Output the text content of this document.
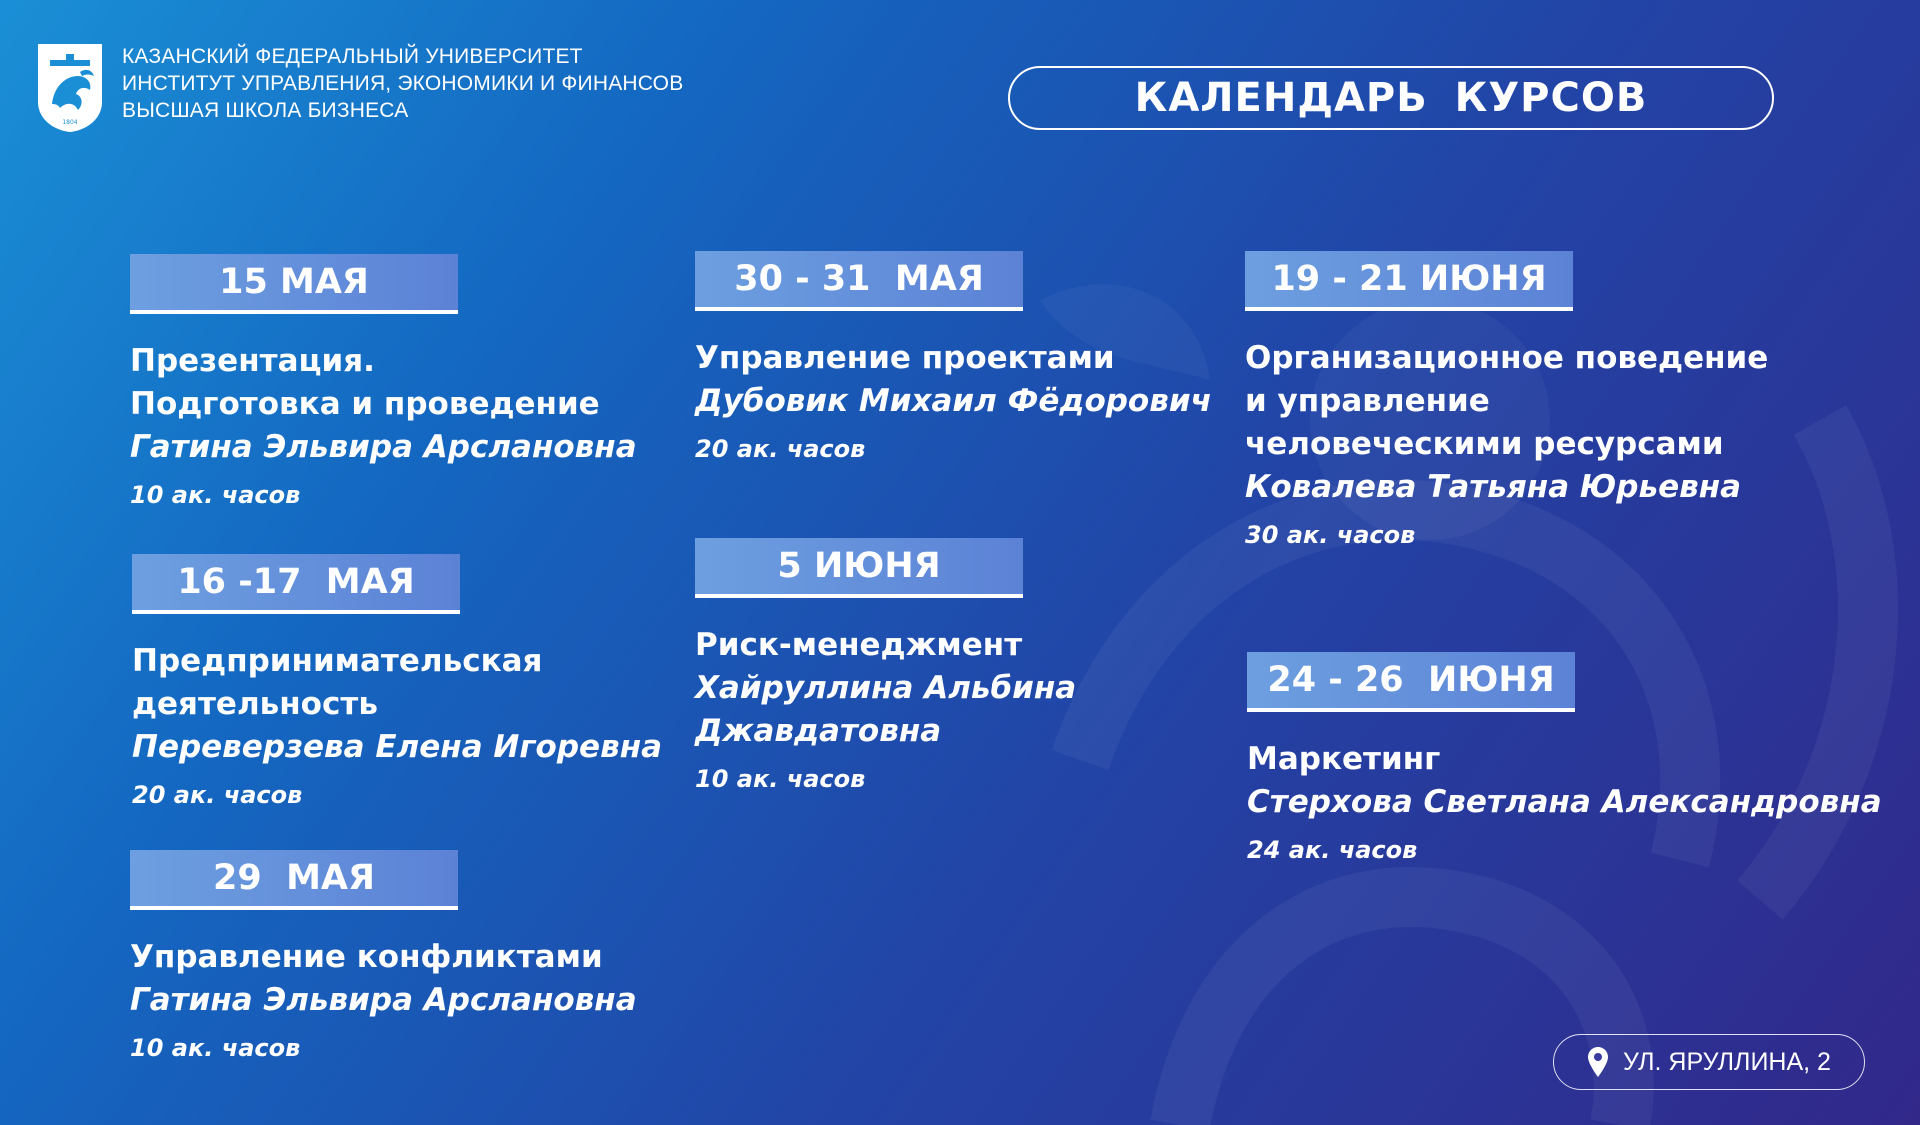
1804
КАЗАНСКИЙ ФЕДЕРАЛЬНЫЙ УНИВЕРСИТЕТ
ИНСТИТУТ УПРАВЛЕНИЯ, ЭКОНОМИКИ И ФИНАНСОВ
ВЫСШАЯ ШКОЛА БИЗНЕСА	КАЛЕНДАРЬ КУРСОВ
15 МАЯ
Презентация.
Подготовка и проведение
Гатина Эльвира Арслановна
10 ак. часов
16 -17  МАЯ
Предпринимательская
деятельность
Переверзева Елена Игоревна
20 ак. часов
29  МАЯ
Управление конфликтами
Гатина Эльвира Арслановна
10 ак. часов
30 - 31  МАЯ
Управление проектами
Дубовик Михаил Фёдорович
20 ак. часов
5 ИЮНЯ
Риск-менеджмент
Хайруллина Альбина
Джавдатовна
10 ак. часов
19 - 21 ИЮНЯ
Организационное поведение
и управление
человеческими ресурсами
Ковалева Татьяна Юрьевна
30 ак. часов
24 - 26  ИЮНЯ
Маркетинг
Стерхова Светлана Александровна
24 ак. часов
УЛ. ЯРУЛЛИНА, 2
